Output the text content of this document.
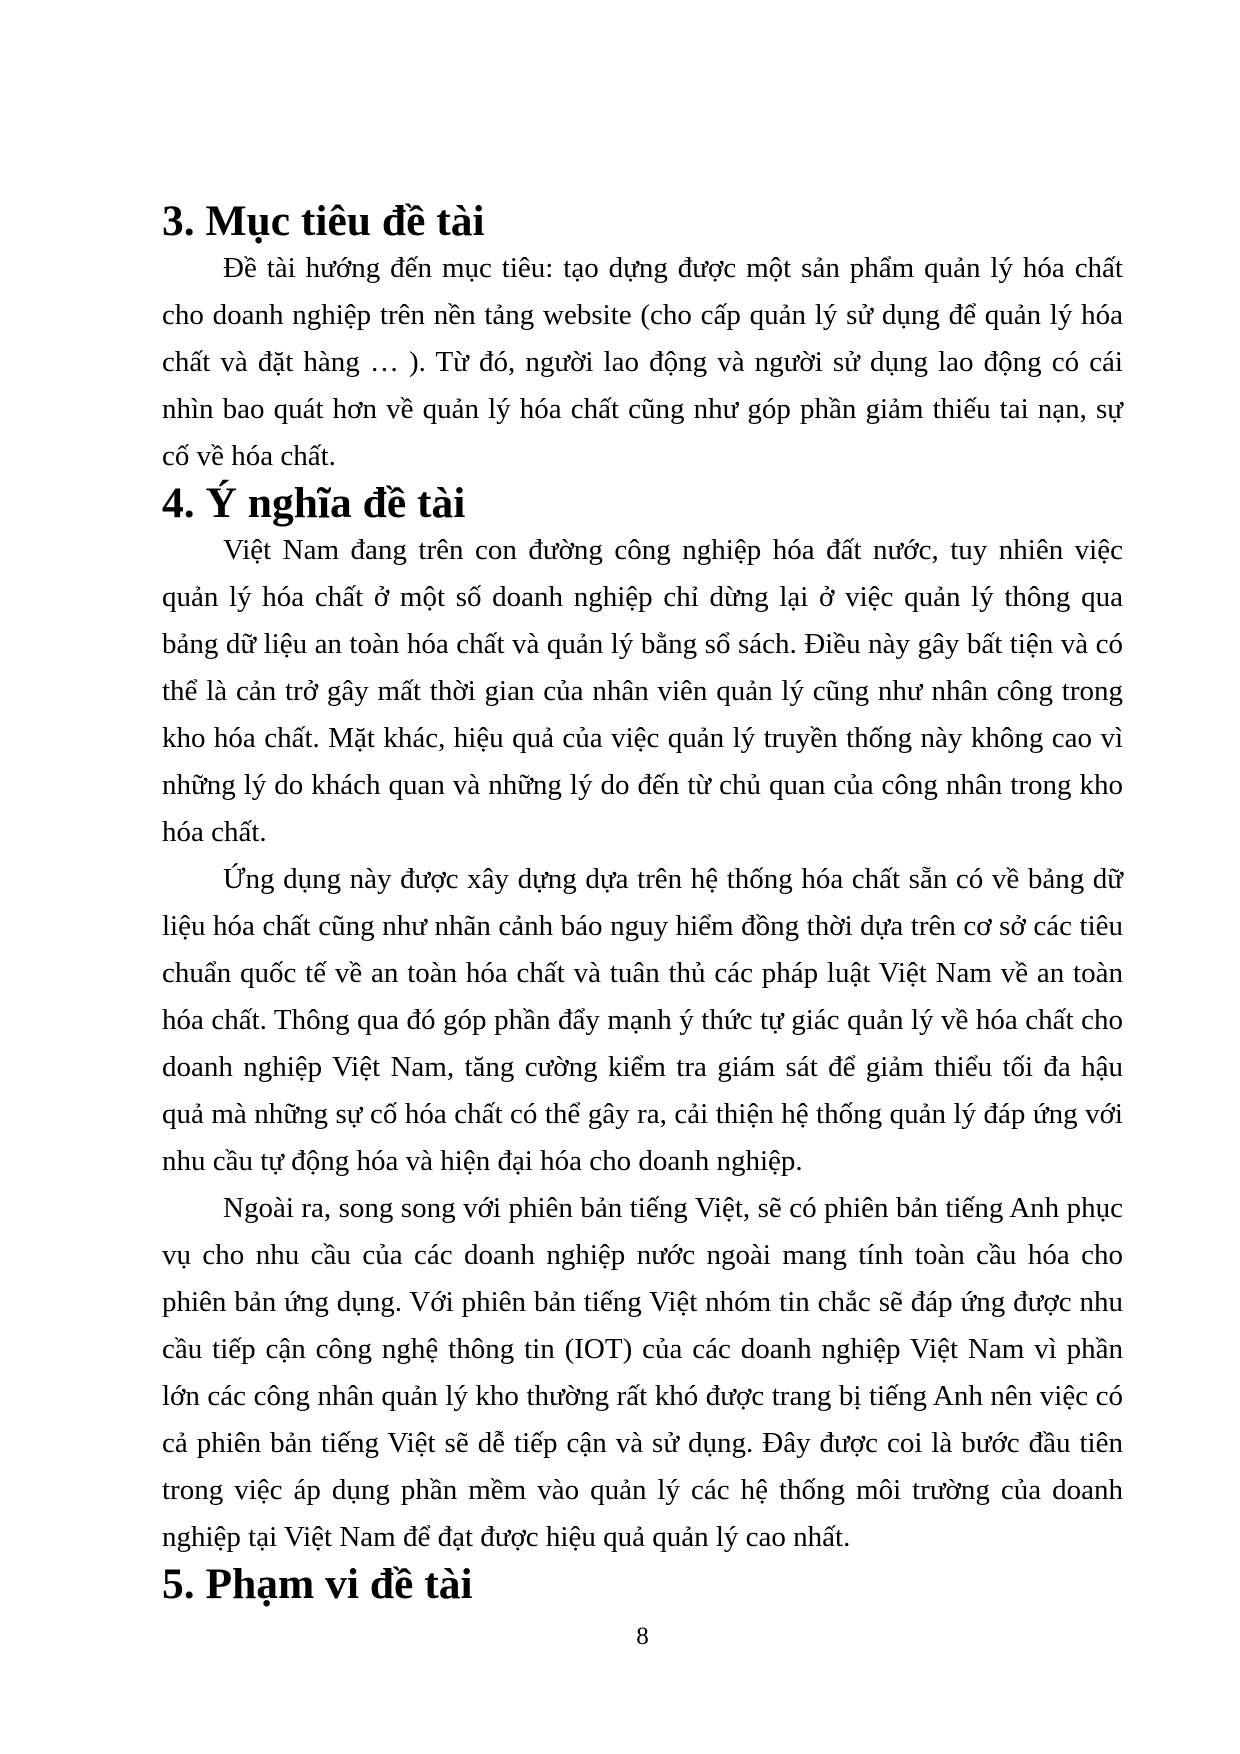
3. Mục tiêu đề tài

Đề tài hướng đến mục tiêu: tạo dựng được một sản phẩm quản lý hóa chất cho doanh nghiệp trên nền tảng website (cho cấp quản lý sử dụng để quản lý hóa chất và đặt hàng … ). Từ đó, người lao động và người sử dụng lao động có cái nhìn bao quát hơn về quản lý hóa chất cũng như góp phần giảm thiếu tai nạn, sự cố về hóa chất.

4. Ý nghĩa đề tài

Việt Nam đang trên con đường công nghiệp hóa đất nước, tuy nhiên việc quản lý hóa chất ở một số doanh nghiệp chỉ dừng lại ở việc quản lý thông qua bảng dữ liệu an toàn hóa chất và quản lý bằng sổ sách. Điều này gây bất tiện và có thể là cản trở gây mất thời gian của nhân viên quản lý cũng như nhân công trong kho hóa chất. Mặt khác, hiệu quả của việc quản lý truyền thống này không cao vì những lý do khách quan và những lý do đến từ chủ quan của công nhân trong kho hóa chất.

Ứng dụng này được xây dựng dựa trên hệ thống hóa chất sẵn có về bảng dữ liệu hóa chất cũng như nhãn cảnh báo nguy hiểm đồng thời dựa trên cơ sở các tiêu chuẩn quốc tế về an toàn hóa chất và tuân thủ các pháp luật Việt Nam về an toàn hóa chất. Thông qua đó góp phần đẩy mạnh ý thức tự giác quản lý về hóa chất cho doanh nghiệp Việt Nam, tăng cường kiểm tra giám sát để giảm thiểu tối đa hậu quả mà những sự cố hóa chất có thể gây ra, cải thiện hệ thống quản lý đáp ứng với nhu cầu tự động hóa và hiện đại hóa cho doanh nghiệp.

Ngoài ra, song song với phiên bản tiếng Việt, sẽ có phiên bản tiếng Anh phục vụ cho nhu cầu của các doanh nghiệp nước ngoài mang tính toàn cầu hóa cho phiên bản ứng dụng. Với phiên bản tiếng Việt nhóm tin chắc sẽ đáp ứng được nhu cầu tiếp cận công nghệ thông tin (IOT) của các doanh nghiệp Việt Nam vì phần lớn các công nhân quản lý kho thường rất khó được trang bị tiếng Anh nên việc có cả phiên bản tiếng Việt sẽ dễ tiếp cận và sử dụng. Đây được coi là bước đầu tiên trong việc áp dụng phần mềm vào quản lý các hệ thống môi trường của doanh nghiệp tại Việt Nam để đạt được hiệu quả quản lý cao nhất.

5. Phạm vi đề tài
8
